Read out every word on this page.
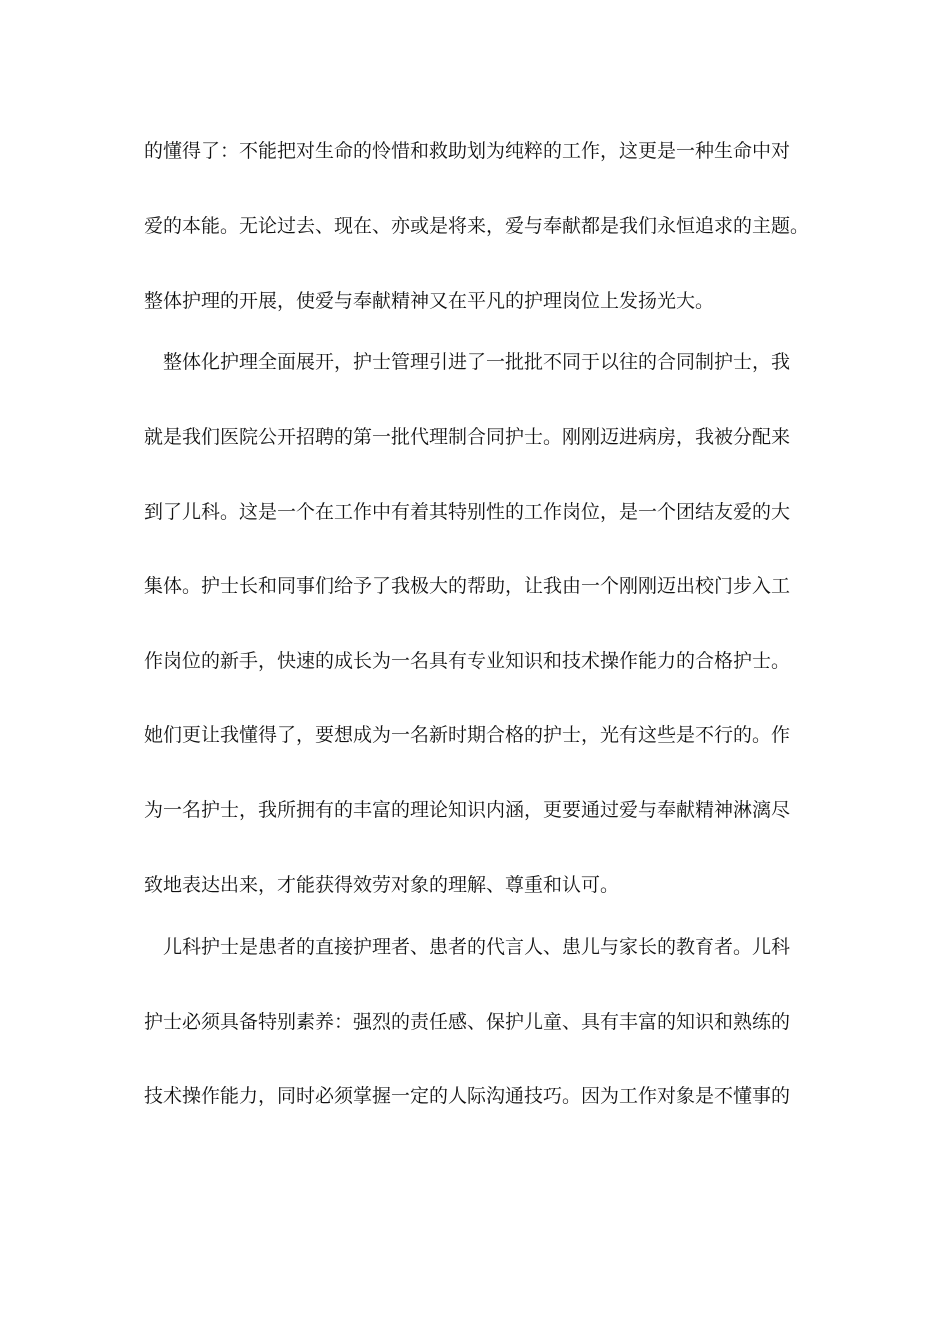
的懂得了：不能把对生命的怜惜和救助划为纯粹的工作，这更是一种生命中对
爱的本能。无论过去、现在、亦或是将来，爱与奉献都是我们永恒追求的主题。
整体护理的开展，使爱与奉献精神又在平凡的护理岗位上发扬光大。
整体化护理全面展开，护士管理引进了一批批不同于以往的合同制护士，我
就是我们医院公开招聘的第一批代理制合同护士。刚刚迈进病房，我被分配来
到了儿科。这是一个在工作中有着其特别性的工作岗位，是一个团结友爱的大
集体。护士长和同事们给予了我极大的帮助，让我由一个刚刚迈出校门步入工
作岗位的新手，快速的成长为一名具有专业知识和技术操作能力的合格护士。
她们更让我懂得了，要想成为一名新时期合格的护士，光有这些是不行的。作
为一名护士，我所拥有的丰富的理论知识内涵，更要通过爱与奉献精神淋漓尽
致地表达出来，才能获得效劳对象的理解、尊重和认可。
儿科护士是患者的直接护理者、患者的代言人、患儿与家长的教育者。儿科
护士必须具备特别素养：强烈的责任感、保护儿童、具有丰富的知识和熟练的
技术操作能力，同时必须掌握一定的人际沟通技巧。因为工作对象是不懂事的
